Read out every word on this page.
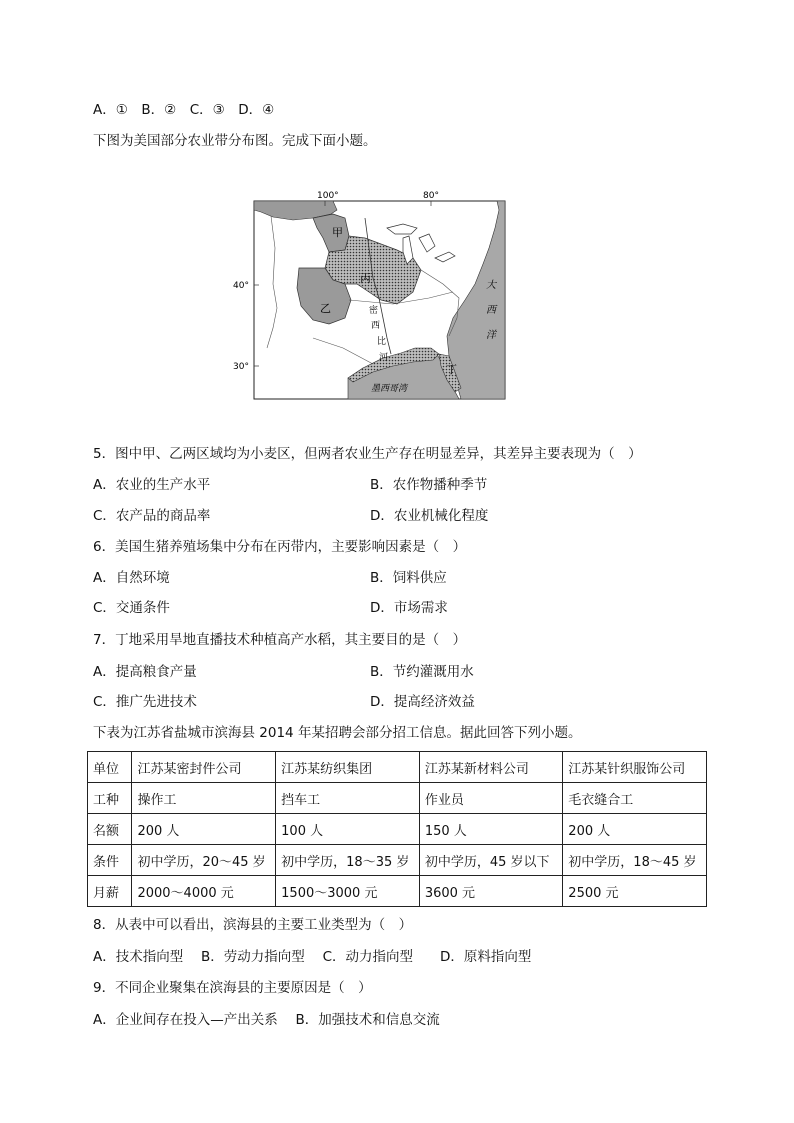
A．①　B．②　C．③　D．④
下图为美国部分农业带分布图。完成下面小题。
100°	80°
40°
30°
甲
乙
丙
丁
密
西
比
河
大
西
洋
墨西哥湾
5．图中甲、乙两区域均为小麦区，但两者农业生产存在明显差异，其差异主要表现为（　）
A．农业的生产水平	B．农作物播种季节
C．农产品的商品率	D．农业机械化程度
6．美国生猪养殖场集中分布在丙带内，主要影响因素是（　）
A．自然环境	B．饲料供应
C．交通条件	D．市场需求
7．丁地采用旱地直播技术种植高产水稻，其主要目的是（　）
A．提高粮食产量	B．节约灌溉用水
C．推广先进技术	D．提高经济效益
下表为江苏省盐城市滨海县 2014 年某招聘会部分招工信息。据此回答下列小题。
单位	江苏某密封件公司	江苏某纺织集团	江苏某新材料公司	江苏某针织服饰公司
工种	操作工	挡车工	作业员	毛衣缝合工
名额	200 人	100 人	150 人	200 人
条件	初中学历，20～45 岁	初中学历，18～35 岁	初中学历，45 岁以下	初中学历，18～45 岁
月薪	2000～4000 元	1500～3000 元	3600 元	2500 元
8．从表中可以看出，滨海县的主要工业类型为（　）
A．技术指向型　 B．劳动力指向型　 C．动力指向型　　D．原料指向型
9．不同企业聚集在滨海县的主要原因是（　）
A．企业间存在投入—产出关系　 B．加强技术和信息交流
